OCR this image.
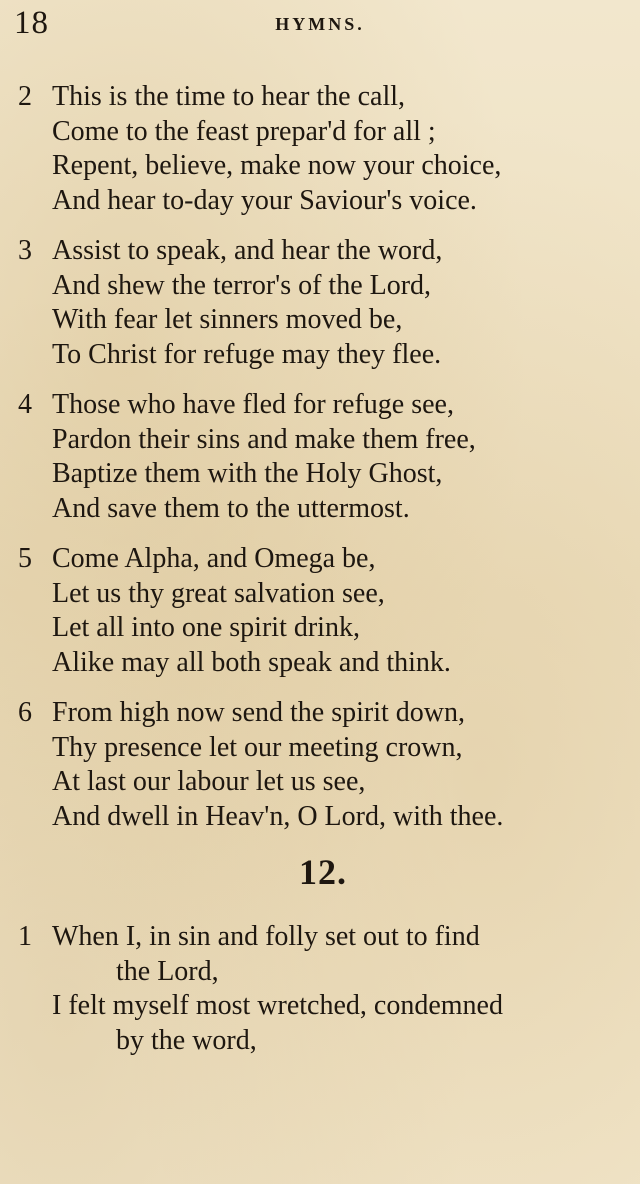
18	HYMNS.
2 This is the time to hear the call,
Come to the feast prepar'd for all ;
Repent, believe, make now your choice,
And hear to-day your Saviour's voice.
3 Assist to speak, and hear the word,
And shew the terror's of the Lord,
With fear let sinners moved be,
To Christ for refuge may they flee.
4 Those who have fled for refuge see,
Pardon their sins and make them free,
Baptize them with the Holy Ghost,
And save them to the uttermost.
5 Come Alpha, and Omega be,
Let us thy great salvation see,
Let all into one spirit drink,
Alike may all both speak and think.
6 From high now send the spirit down,
Thy presence let our meeting crown,
At last our labour let us see,
And dwell in Heav'n, O Lord, with thee.
12.
1 When I, in sin and folly set out to find
the Lord,
I felt myself most wretched, condemned
by the word,
